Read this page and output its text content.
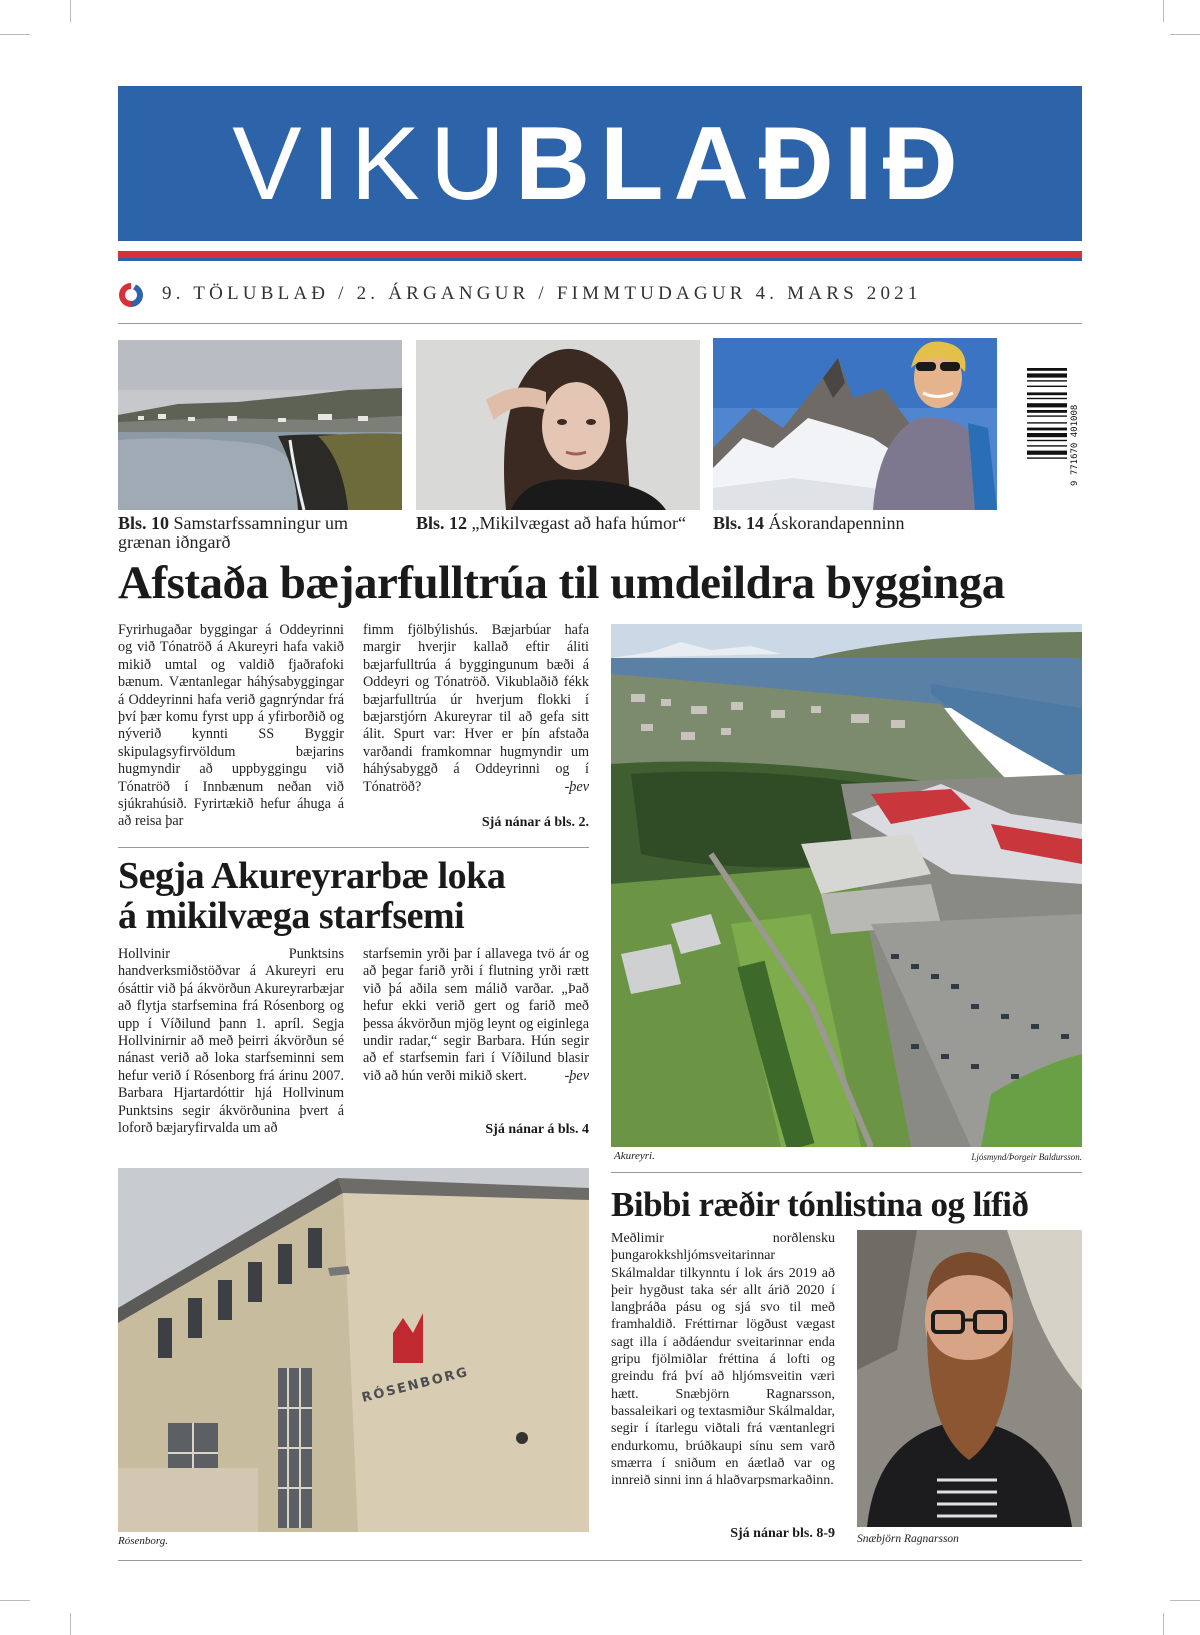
VIKUBLAÐIÐ
9. TÖLUBLAÐ / 2. ÁRGANGUR / FIMMTUDAGUR 4. MARS 2021
9 771670 401008
Bls. 10 Samstarfssamningur um grænan iðngarð
Bls. 12 „Mikilvægast að hafa húmor“	Bls. 14 Áskorandapenninn
Afstaða bæjarfulltrúa til umdeildra bygginga
Fyrirhugaðar byggingar á Oddeyrinni og við Tónatröð á Akureyri hafa vakið mikið umtal og valdið fjaðrafoki bænum. Væntanlegar háhýsabyggingar á Oddeyrinni hafa verið gagnrýndar frá því þær komu fyrst upp á yfirborðið og nýverið kynnti SS Byggir skipulagsyfirvöldum bæjarins hugmyndir að uppbyggingu við Tónatröð í Innbænum neðan við sjúkrahúsið. Fyrirtækið hefur áhuga á að reisa þar
fimm fjölbýlishús. Bæjarbúar hafa margir hverjir kallað eftir áliti bæjarfulltrúa á byggingunum bæði á Oddeyri og Tónatröð. Vikublaðið fékk bæjarfulltrúa úr hverjum flokki í bæjarstjórn Akureyrar til að gefa sitt álit. Spurt var: Hver er þín afstaða varðandi framkomnar hugmyndir um háhýsabyggð á Oddeyrinni og í Tónatröð?	-þev
Sjá nánar á bls. 2.
Segja Akureyrarbæ loka
á mikilvæga starfsemi
Hollvinir Punktsins handverksmiðstöðvar á Akureyri eru ósáttir við þá ákvörðun Akureyrarbæjar að flytja starfsemina frá Rósenborg og upp í Víðilund þann 1. apríl. Segja Hollvinirnir að með þeirri ákvörðun sé nánast verið að loka starfseminni sem hefur verið í Rósenborg frá árinu 2007. Barbara Hjartardóttir hjá Hollvinum Punktsins segir ákvörðunina þvert á loforð bæjaryfirvalda um að
starfsemin yrði þar í allavega tvö ár og að þegar farið yrði í flutning yrði rætt við þá aðila sem málið varðar. „Það hefur ekki verið gert og farið með þessa ákvörðun mjög leynt og eiginlega undir radar,“ segir Barbara. Hún segir að ef starfsemin fari í Víðilund blasir við að hún verði mikið skert.	-þev
Sjá nánar á bls. 4
Akureyri.	Ljósmynd/Þorgeir Baldursson.
RÓSENBORG
Rósenborg.
Bibbi ræðir tónlistina og lífið
Meðlimir norðlensku þungarokkshljómsveitarinnar Skálmaldar tilkynntu í lok árs 2019 að þeir hygðust taka sér allt árið 2020 í langþráða pásu og sjá svo til með framhaldið. Fréttirnar lögðust vægast sagt illa í aðdáendur sveitarinnar enda gripu fjölmiðlar fréttina á lofti og greindu frá því að hljómsveitin væri hætt. Snæbjörn Ragnarsson, bassaleikari og textasmiður Skálmaldar, segir í ítarlegu viðtali frá væntanlegri endurkomu, brúðkaupi sínu sem varð smærra í sniðum en áætlað var og innreið sinni inn á hlaðvarpsmarkaðinn.
Sjá nánar bls. 8-9 Snæbjörn Ragnarsson
